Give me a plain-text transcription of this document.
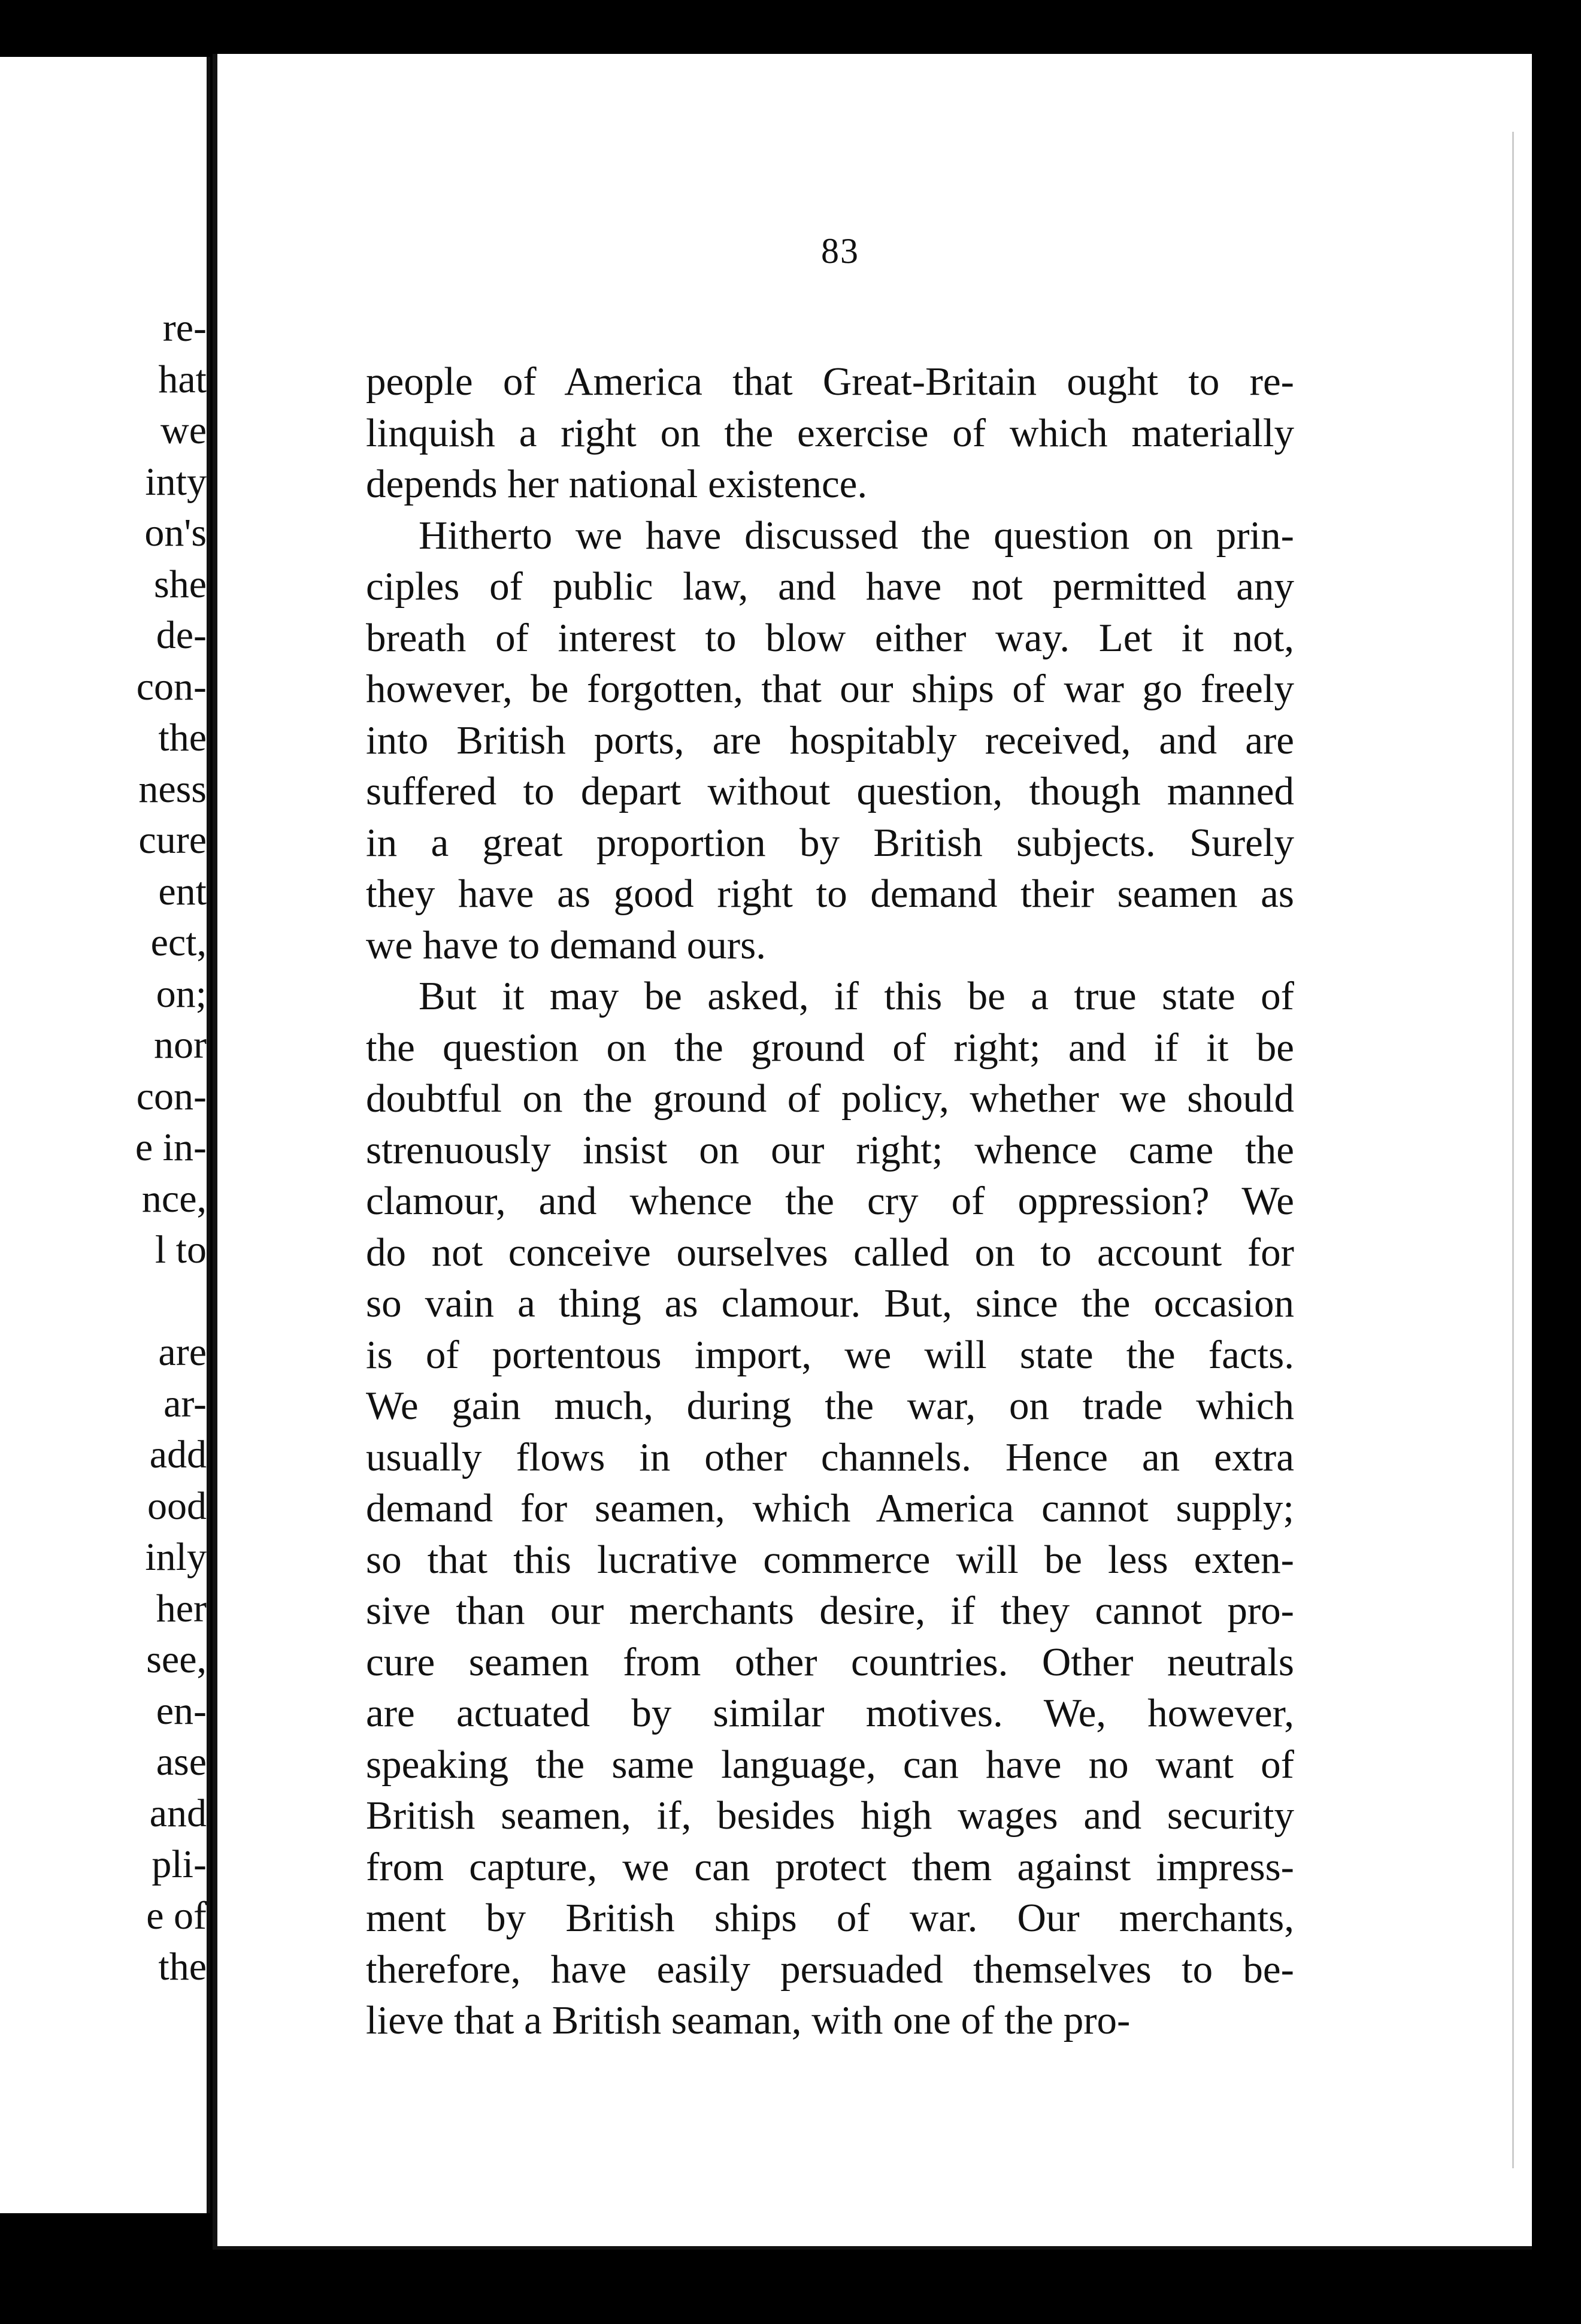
re-
hat
we
inty
on's
she
de-
con-
the
ness
cure
ent
ect,
on;
nor
con-
e in-
nce,
l to
are
ar-
add
ood
inly
her
see,
en-
ase
and
pli-
e of
the
83
people of America that Great-Britain ought to re-
linquish a right on the exercise of which materially
depends her national existence.
Hitherto we have discussed the question on prin-
ciples of public law, and have not permitted any
breath of interest to blow either way. Let it not,
however, be forgotten, that our ships of war go freely
into British ports, are hospitably received, and are
suffered to depart without question, though manned
in a great proportion by British subjects. Surely
they have as good right to demand their seamen as
we have to demand ours.
But it may be asked, if this be a true state of
the question on the ground of right; and if it be
doubtful on the ground of policy, whether we should
strenuously insist on our right; whence came the
clamour, and whence the cry of oppression? We
do not conceive ourselves called on to account for
so vain a thing as clamour. But, since the occasion
is of portentous import, we will state the facts.
We gain much, during the war, on trade which
usually flows in other channels. Hence an extra
demand for seamen, which America cannot supply;
so that this lucrative commerce will be less exten-
sive than our merchants desire, if they cannot pro-
cure seamen from other countries. Other neutrals
are actuated by similar motives. We, however,
speaking the same language, can have no want of
British seamen, if, besides high wages and security
from capture, we can protect them against impress-
ment by British ships of war. Our merchants,
therefore, have easily persuaded themselves to be-
lieve that a British seaman, with one of the pro-
